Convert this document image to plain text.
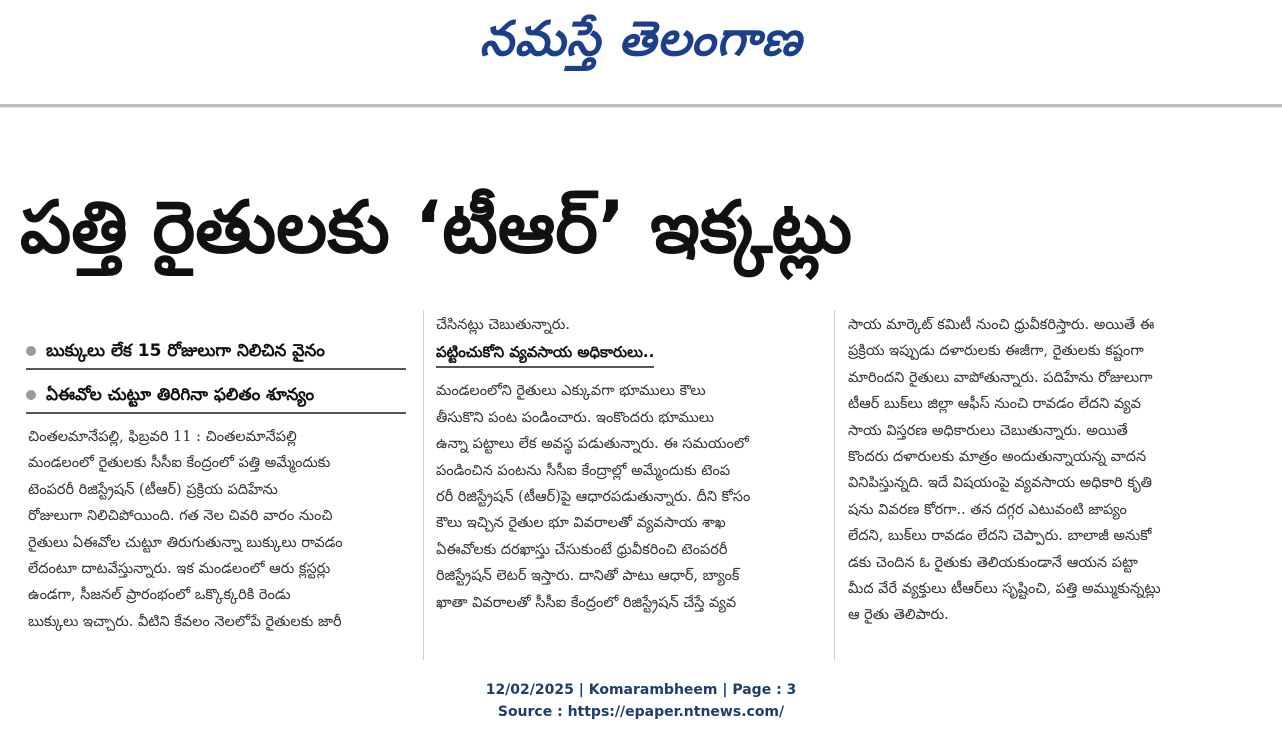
నమస్తే తెలంగాణ
పత్తి రైతులకు ‘టీఆర్’ ఇక్కట్లు
బుక్కులు లేక 15 రోజులుగా నిలిచిన వైనం
ఏఈవోల చుట్టూ తిరిగినా ఫలితం శూన్యం

చింతలమానేపల్లి, ఫిబ్రవరి 11 : చింతలమానేపల్లి

మండలంలో రైతులకు సీసీఐ కేంద్రంలో పత్తి అమ్మేందుకు

టెంపరరీ రిజిస్ట్రేషన్ (టీఆర్) ప్రక్రియ పదిహేను

రోజులుగా నిలిచిపోయింది. గత నెల చివరి వారం నుంచి

రైతులు ఏఈవోల చుట్టూ తిరుగుతున్నా బుక్కులు రావడం

లేదంటూ దాటవేస్తున్నారు. ఇక మండలంలో ఆరు క్లస్టర్లు

ఉండగా, సీజనల్ ప్రారంభంలో ఒక్కొక్కరికి రెండు

బుక్కులు ఇచ్చారు. వీటిని కేవలం నెలలోపే రైతులకు జారీ

చేసినట్లు చెబుతున్నారు.

పట్టించుకోని వ్యవసాయ అధికారులు..

మండలంలోని రైతులు ఎక్కువగా భూములు కౌలు

తీసుకొని పంట పండించారు. ఇంకొందరు భూములు

ఉన్నా పట్టాలు లేక అవస్థ పడుతున్నారు. ఈ సమయంలో

పండించిన పంటను సీసీఐ కేంద్రాల్లో అమ్మేందుకు టెంప

రరీ రిజిస్ట్రేషన్ (టీఆర్)పై ఆధారపడుతున్నారు. దీని కోసం

కౌలు ఇచ్చిన రైతుల భూ వివరాలతో వ్యవసాయ శాఖ

ఏఈవోలకు దరఖాస్తు చేసుకుంటే ధ్రువీకరించి టెంపరరీ

రిజిస్ట్రేషన్ లెటర్ ఇస్తారు. దానితో పాటు ఆధార్, బ్యాంక్

ఖాతా వివరాలతో సీసీఐ కేంద్రంలో రిజిస్ట్రేషన్ చేస్తే వ్యవ

సాయ మార్కెట్ కమిటీ నుంచి ధ్రువీకరిస్తారు. అయితే ఈ

ప్రక్రియ ఇప్పుడు దళారులకు ఈజీగా, రైతులకు కష్టంగా

మారిందని రైతులు వాపోతున్నారు. పదిహేను రోజులుగా

టీఆర్ బుక్‌లు జిల్లా ఆఫీస్ నుంచి రావడం లేదని వ్యవ

సాయ విస్తరణ అధికారులు చెబుతున్నారు. అయితే

కొందరు దళారులకు మాత్రం అందుతున్నాయన్న వాదన

వినిపిస్తున్నది. ఇదే విషయంపై వ్యవసాయ అధికారి కృతి

షను వివరణ కోరగా.. తన దగ్గర ఎటువంటి జాప్యం

లేదని, బుక్‌లు రావడం లేదని చెప్పారు. బాలాజీ అనుకో

డకు చెందిన ఓ రైతుకు తెలియకుండానే ఆయన పట్టా

మీద వేరే వ్యక్తులు టీఆర్‌లు సృష్టించి, పత్తి అమ్ముకున్నట్లు

ఆ రైతు తెలిపారు.

12/02/2025 | Komarambheem | Page : 3
Source : https://epaper.ntnews.com/
